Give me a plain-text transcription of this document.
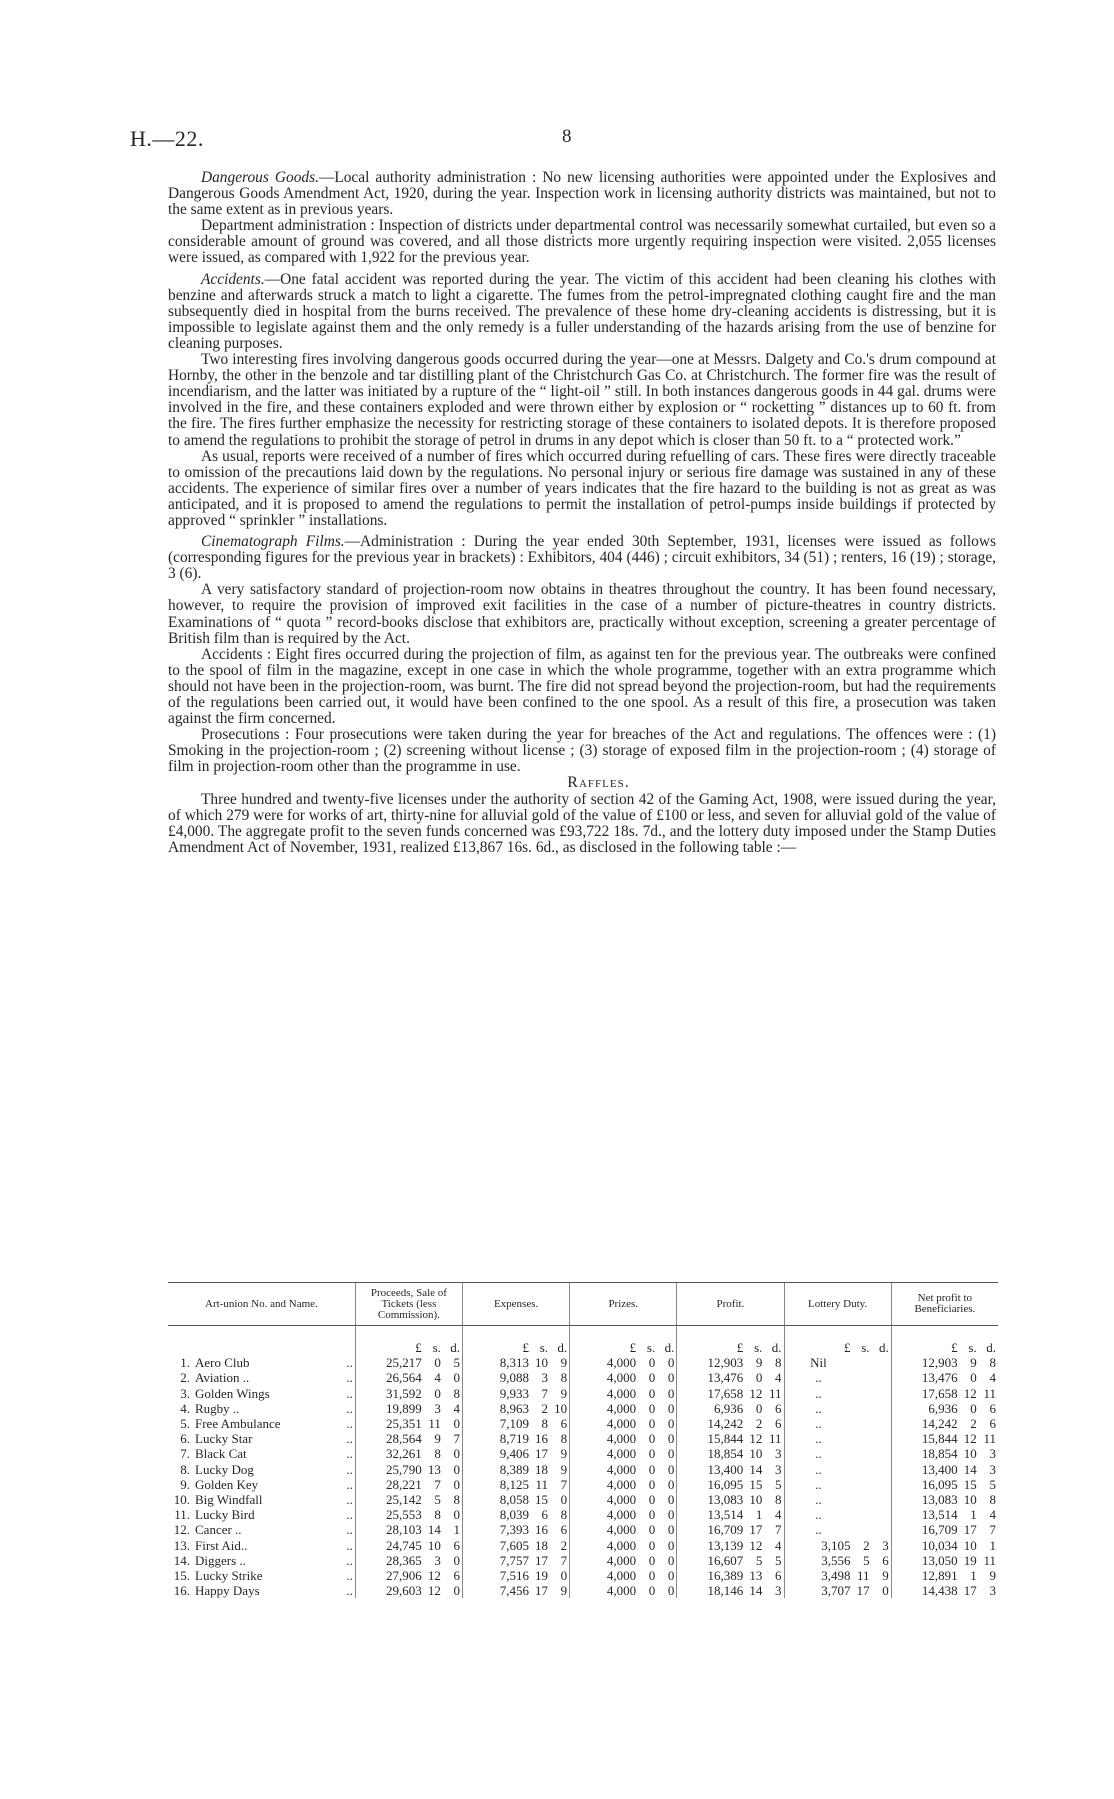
H.—22.	8

Dangerous Goods.—Local authority administration : No new licensing authorities were appointed under the Explosives and Dangerous Goods Amendment Act, 1920, during the year. Inspection work in licensing authority districts was maintained, but not to the same extent as in previous years.

Department administration : Inspection of districts under departmental control was necessarily somewhat curtailed, but even so a considerable amount of ground was covered, and all those districts more urgently requiring inspection were visited. 2,055 licenses were issued, as compared with 1,922 for the previous year.

Accidents.—One fatal accident was reported during the year. The victim of this accident had been cleaning his clothes with benzine and afterwards struck a match to light a cigarette. The fumes from the petrol-impregnated clothing caught fire and the man subsequently died in hospital from the burns received. The prevalence of these home dry-cleaning accidents is distressing, but it is impossible to legislate against them and the only remedy is a fuller understanding of the hazards arising from the use of benzine for cleaning purposes.

Two interesting fires involving dangerous goods occurred during the year—one at Messrs. Dalgety and Co.'s drum compound at Hornby, the other in the benzole and tar distilling plant of the Christchurch Gas Co. at Christchurch. The former fire was the result of incendiarism, and the latter was initiated by a rupture of the “ light-oil ” still. In both instances dangerous goods in 44 gal. drums were involved in the fire, and these containers exploded and were thrown either by explosion or “ rocketting ” distances up to 60 ft. from the fire. The fires further emphasize the necessity for restricting storage of these containers to isolated depots. It is therefore proposed to amend the regulations to prohibit the storage of petrol in drums in any depot which is closer than 50 ft. to a “ protected work.”

As usual, reports were received of a number of fires which occurred during refuelling of cars. These fires were directly traceable to omission of the precautions laid down by the regulations. No personal injury or serious fire damage was sustained in any of these accidents. The experience of similar fires over a number of years indicates that the fire hazard to the building is not as great as was anticipated, and it is proposed to amend the regulations to permit the installation of petrol-pumps inside buildings if protected by approved “ sprinkler ” installations.

Cinematograph Films.—Administration : During the year ended 30th September, 1931, licenses were issued as follows (corresponding figures for the previous year in brackets) : Exhibitors, 404 (446) ; circuit exhibitors, 34 (51) ; renters, 16 (19) ; storage, 3 (6).

A very satisfactory standard of projection-room now obtains in theatres throughout the country. It has been found necessary, however, to require the provision of improved exit facilities in the case of a number of picture-theatres in country districts. Examinations of “ quota ” record-books disclose that exhibitors are, practically without exception, screening a greater percentage of British film than is required by the Act.

Accidents : Eight fires occurred during the projection of film, as against ten for the previous year. The outbreaks were confined to the spool of film in the magazine, except in one case in which the whole programme, together with an extra programme which should not have been in the projection-room, was burnt. The fire did not spread beyond the projection-room, but had the requirements of the regulations been carried out, it would have been confined to the one spool. As a result of this fire, a prosecution was taken against the firm concerned.

Prosecutions : Four prosecutions were taken during the year for breaches of the Act and regulations. The offences were : (1) Smoking in the projection-room ; (2) screening without license ; (3) storage of exposed film in the projection-room ; (4) storage of film in projection-room other than the programme in use.

Raffles.

Three hundred and twenty-five licenses under the authority of section 42 of the Gaming Act, 1908, were issued during the year, of which 279 were for works of art, thirty-nine for alluvial gold of the value of £100 or less, and seven for alluvial gold of the value of £4,000. The aggregate profit to the seven funds concerned was £93,722 18s. 7d., and the lottery duty imposed under the Stamp Duties Amendment Act of November, 1931, realized £13,867 16s. 6d., as disclosed in the following table :—

Art-union No. and Name.	Proceeds, Sale of Tickets (less Commission).			Expenses.			Prizes.			Profit.			Lottery Duty.			Net profit to Beneficiaries.		
	£	s.	d.	£	s.	d.	£	s.	d.	£	s.	d.	£	s.	d.	£	s.	d.
1. Aero Club ..	25,217	0	5	8,313	10	9	4,000	0	0	12,903	9	8	Nil			12,903	9	8
2. Aviation .. ..	26,564	4	0	9,088	3	8	4,000	0	0	13,476	0	4	..			13,476	0	4
3. Golden Wings ..	31,592	0	8	9,933	7	9	4,000	0	0	17,658	12	11	..			17,658	12	11
4. Rugby .. ..	19,899	3	4	8,963	2	10	4,000	0	0	6,936	0	6	..			6,936	0	6
5. Free Ambulance ..	25,351	11	0	7,109	8	6	4,000	0	0	14,242	2	6	..			14,242	2	6
6. Lucky Star ..	28,564	9	7	8,719	16	8	4,000	0	0	15,844	12	11	..			15,844	12	11
7. Black Cat ..	32,261	8	0	9,406	17	9	4,000	0	0	18,854	10	3	..			18,854	10	3
8. Lucky Dog ..	25,790	13	0	8,389	18	9	4,000	0	0	13,400	14	3	..			13,400	14	3
9. Golden Key ..	28,221	7	0	8,125	11	7	4,000	0	0	16,095	15	5	..			16,095	15	5
10. Big Windfall ..	25,142	5	8	8,058	15	0	4,000	0	0	13,083	10	8	..			13,083	10	8
11. Lucky Bird ..	25,553	8	0	8,039	6	8	4,000	0	0	13,514	1	4	..			13,514	1	4
12. Cancer .. ..	28,103	14	1	7,393	16	6	4,000	0	0	16,709	17	7	..			16,709	17	7
13. First Aid.. ..	24,745	10	6	7,605	18	2	4,000	0	0	13,139	12	4	3,105	2	3	10,034	10	1
14. Diggers .. ..	28,365	3	0	7,757	17	7	4,000	0	0	16,607	5	5	3,556	5	6	13,050	19	11
15. Lucky Strike ..	27,906	12	6	7,516	19	0	4,000	0	0	16,389	13	6	3,498	11	9	12,891	1	9
16. Happy Days ..	29,603	12	0	7,456	17	9	4,000	0	0	18,146	14	3	3,707	17	0	14,438	17	3
